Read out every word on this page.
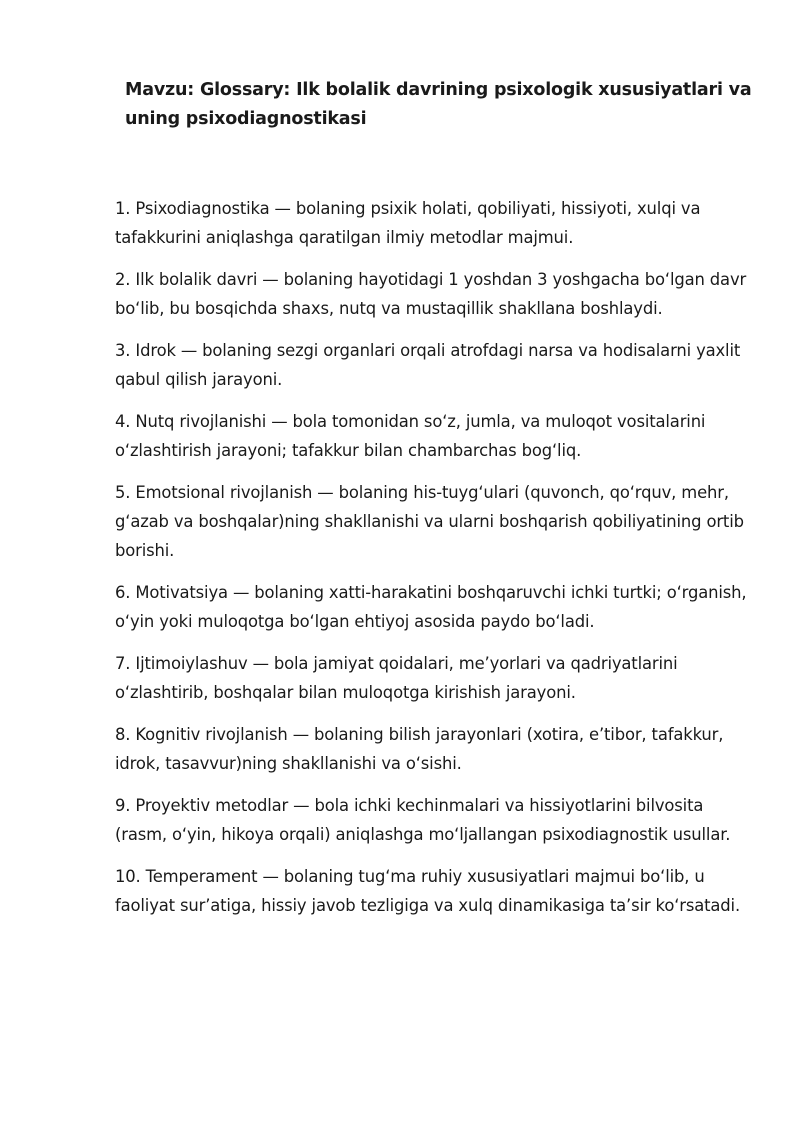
Mavzu: Glossary: Ilk bolalik davrining psixologik xususiyatlari va uning psixodiagnostikasi
1. Psixodiagnostika — bolaning psixik holati, qobiliyati, hissiyoti, xulqi va tafakkurini aniqlashga qaratilgan ilmiy metodlar majmui.
2. Ilk bolalik davri — bolaning hayotidagi 1 yoshdan 3 yoshgacha bo‘lgan davr bo‘lib, bu bosqichda shaxs, nutq va mustaqillik shakllana boshlaydi.
3. Idrok — bolaning sezgi organlari orqali atrofdagi narsa va hodisalarni yaxlit qabul qilish jarayoni.
4. Nutq rivojlanishi — bola tomonidan so‘z, jumla, va muloqot vositalarini o‘zlashtirish jarayoni; tafakkur bilan chambarchas bog‘liq.
5. Emotsional rivojlanish — bolaning his-tuyg‘ulari (quvonch, qo‘rquv, mehr, g‘azab va boshqalar)ning shakllanishi va ularni boshqarish qobiliyatining ortib borishi.
6. Motivatsiya — bolaning xatti-harakatini boshqaruvchi ichki turtki; o‘rganish, o‘yin yoki muloqotga bo‘lgan ehtiyoj asosida paydo bo‘ladi.
7. Ijtimoiylashuv — bola jamiyat qoidalari, me’yorlari va qadriyatlarini o‘zlashtirib, boshqalar bilan muloqotga kirishish jarayoni.
8. Kognitiv rivojlanish — bolaning bilish jarayonlari (xotira, e’tibor, tafakkur, idrok, tasavvur)ning shakllanishi va o‘sishi.
9. Proyektiv metodlar — bola ichki kechinmalari va hissiyotlarini bilvosita (rasm, o‘yin, hikoya orqali) aniqlashga mo‘ljallangan psixodiagnostik usullar.
10. Temperament — bolaning tug‘ma ruhiy xususiyatlari majmui bo‘lib, u faoliyat sur’atiga, hissiy javob tezligiga va xulq dinamikasiga ta’sir ko‘rsatadi.
